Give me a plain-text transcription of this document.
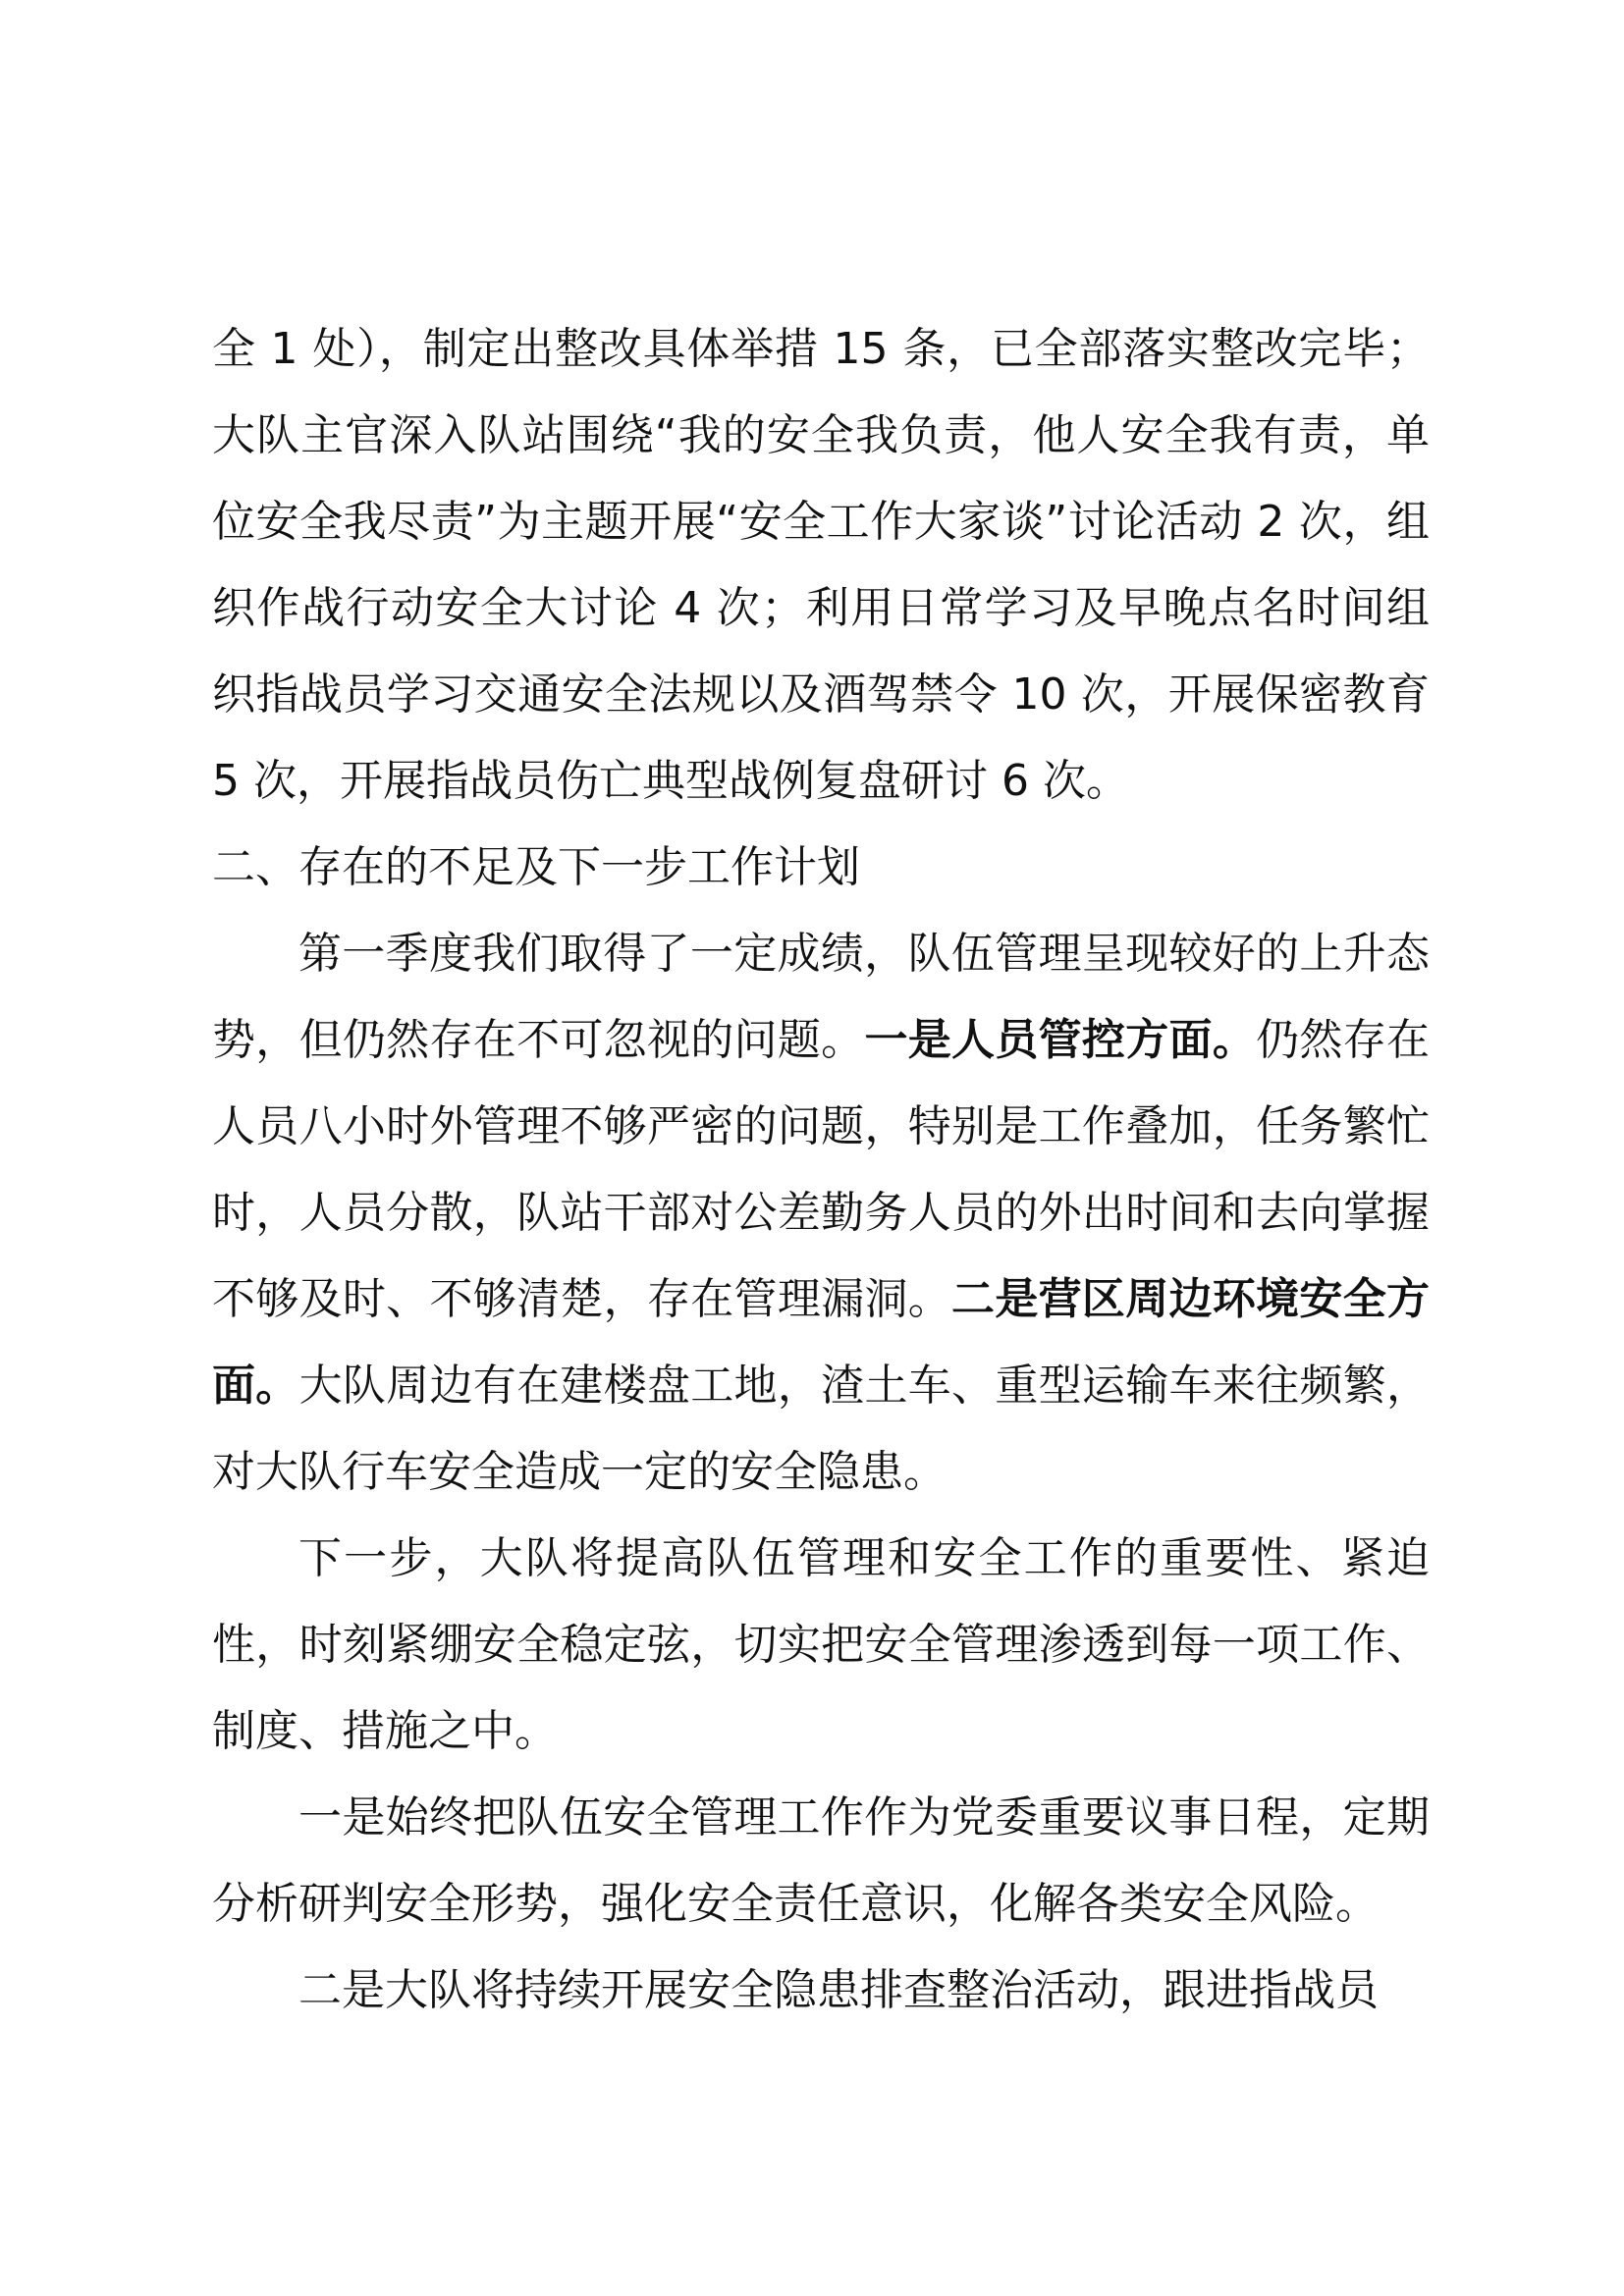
全 1 处），制定出整改具体举措 15 条，已全部落实整改完毕；大队主官深入队站围绕“我的安全我负责，他人安全我有责，单位安全我尽责”为主题开展“安全工作大家谈”讨论活动 2 次，组织作战行动安全大讨论 4 次；利用日常学习及早晚点名时间组织指战员学习交通安全法规以及酒驾禁令 10 次，开展保密教育 5 次，开展指战员伤亡典型战例复盘研讨 6 次。

二、存在的不足及下一步工作计划

第一季度我们取得了一定成绩，队伍管理呈现较好的上升态势，但仍然存在不可忽视的问题。一是人员管控方面。仍然存在人员八小时外管理不够严密的问题，特别是工作叠加，任务繁忙时，人员分散，队站干部对公差勤务人员的外出时间和去向掌握不够及时、不够清楚，存在管理漏洞。二是营区周边环境安全方面。大队周边有在建楼盘工地，渣土车、重型运输车来往频繁，对大队行车安全造成一定的安全隐患。

下一步，大队将提高队伍管理和安全工作的重要性、紧迫性，时刻紧绷安全稳定弦，切实把安全管理渗透到每一项工作、制度、措施之中。

一是始终把队伍安全管理工作作为党委重要议事日程，定期分析研判安全形势，强化安全责任意识，化解各类安全风险。

二是大队将持续开展安全隐患排查整治活动，跟进指战员
